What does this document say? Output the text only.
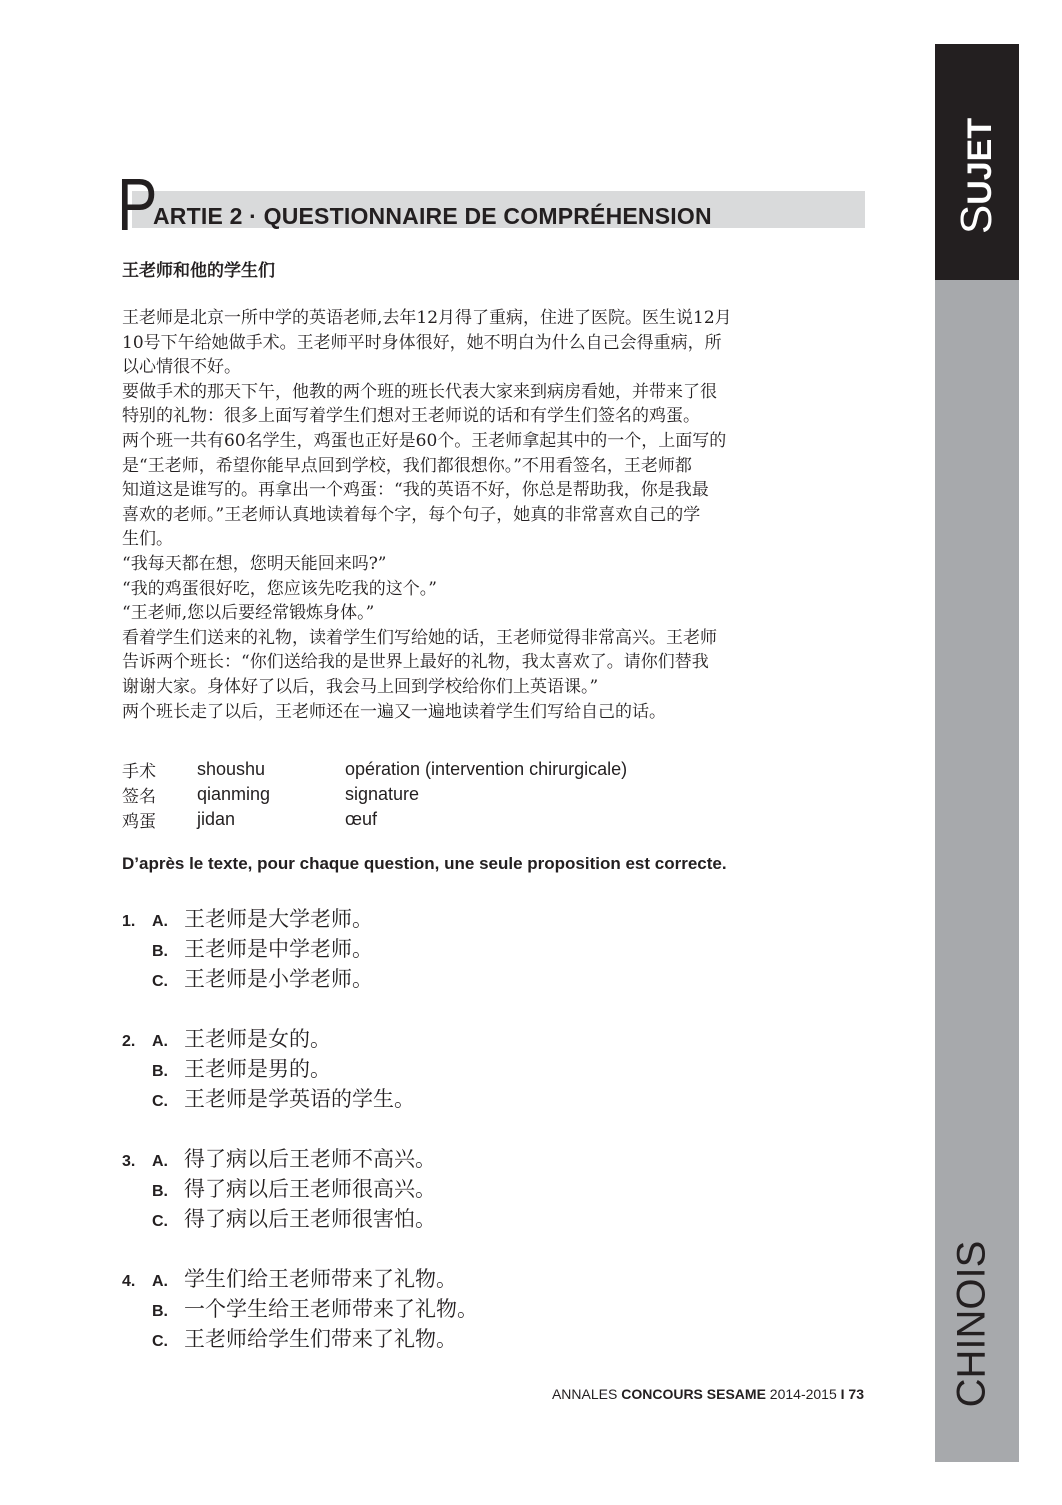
SUJET
CHINOIS
P
ARTIE 2 · QUESTIONNAIRE DE COMPRÉHENSION
王老师和他的学生们

王老师是北京一所中学的英语老师,去年12月得了重病，住进了医院。医生说12月

10号下午给她做手术。王老师平时身体很好，她不明白为什么自己会得重病，所

以心情很不好。

要做手术的那天下午，他教的两个班的班长代表大家来到病房看她，并带来了很

特别的礼物：很多上面写着学生们想对王老师说的话和有学生们签名的鸡蛋。

两个班一共有60名学生，鸡蛋也正好是60个。王老师拿起其中的一个，上面写的

是“王老师，希望你能早点回到学校，我们都很想你。”不用看签名，王老师都

知道这是谁写的。再拿出一个鸡蛋：“我的英语不好，你总是帮助我，你是我最

喜欢的老师。”王老师认真地读着每个字，每个句子，她真的非常喜欢自己的学

生们。

“我每天都在想，您明天能回来吗?”

“我的鸡蛋很好吃，您应该先吃我的这个。”

“王老师,您以后要经常锻炼身体。”

看着学生们送来的礼物，读着学生们写给她的话，王老师觉得非常高兴。王老师

告诉两个班长：“你们送给我的是世界上最好的礼物，我太喜欢了。请你们替我

谢谢大家。身体好了以后，我会马上回到学校给你们上英语课。”

两个班长走了以后，王老师还在一遍又一遍地读着学生们写给自己的话。

手术	shoushu	opération (intervention chirurgicale)
签名	qianming	signature
鸡蛋	jidan	œuf
D’après le texte, pour chaque question, une seule proposition est correcte.
1.	A. 王老师是大学老师。
B. 王老师是中学老师。
C. 王老师是小学老师。
2.	A. 王老师是女的。
B. 王老师是男的。
C. 王老师是学英语的学生。
3.	A. 得了病以后王老师不高兴。
B. 得了病以后王老师很高兴。
C. 得了病以后王老师很害怕。
4.	A. 学生们给王老师带来了礼物。
B. 一个学生给王老师带来了礼物。
C. 王老师给学生们带来了礼物。
ANNALES CONCOURS SESAME 2014-2015 I 73
